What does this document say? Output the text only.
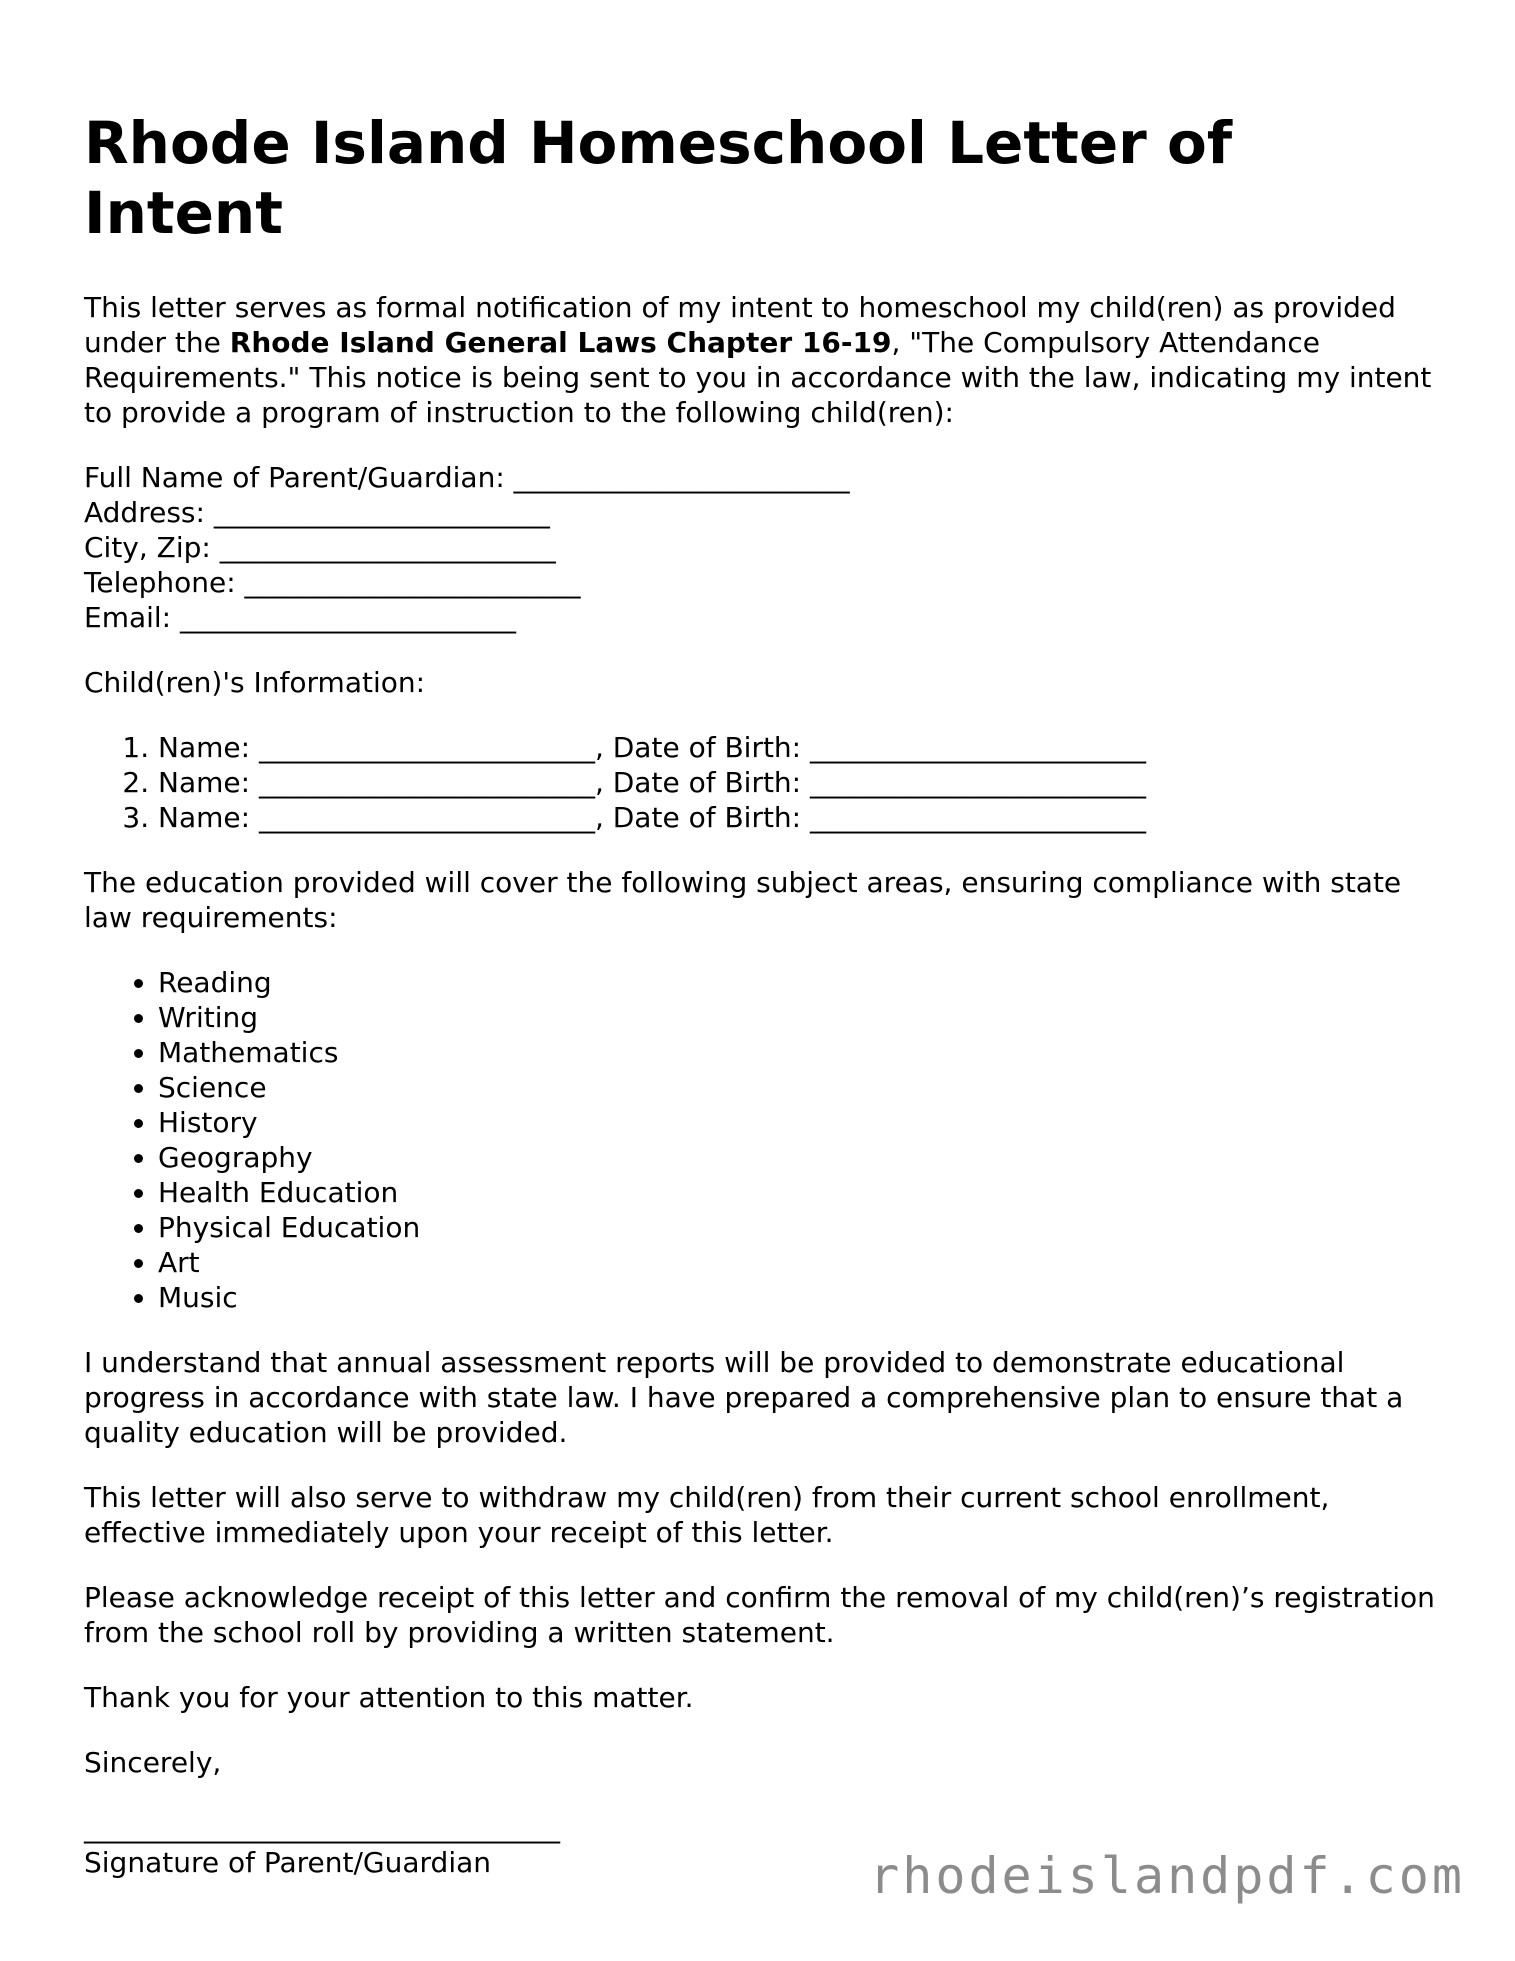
Rhode Island Homeschool Letter of Intent

This letter serves as formal notification of my intent to homeschool my child(ren) as provided under the Rhode Island General Laws Chapter 16-19, "The Compulsory Attendance Requirements." This notice is being sent to you in accordance with the law, indicating my intent to provide a program of instruction to the following child(ren):

Full Name of Parent/Guardian: ________________________
Address: ________________________
City, Zip: ________________________
Telephone: ________________________
Email: ________________________

Child(ren)'s Information:

1. Name: ________________________, Date of Birth: ________________________
2. Name: ________________________, Date of Birth: ________________________
3. Name: ________________________, Date of Birth: ________________________

The education provided will cover the following subject areas, ensuring compliance with state law requirements:

• Reading
• Writing
• Mathematics
• Science
• History
• Geography
• Health Education
• Physical Education
• Art
• Music

I understand that annual assessment reports will be provided to demonstrate educational progress in accordance with state law. I have prepared a comprehensive plan to ensure that a quality education will be provided.

This letter will also serve to withdraw my child(ren) from their current school enrollment, effective immediately upon your receipt of this letter.

Please acknowledge receipt of this letter and confirm the removal of my child(ren)’s registration from the school roll by providing a written statement.

Thank you for your attention to this matter.

Sincerely,

__________________________________
Signature of Parent/Guardian	rhodeislandpdf.com
